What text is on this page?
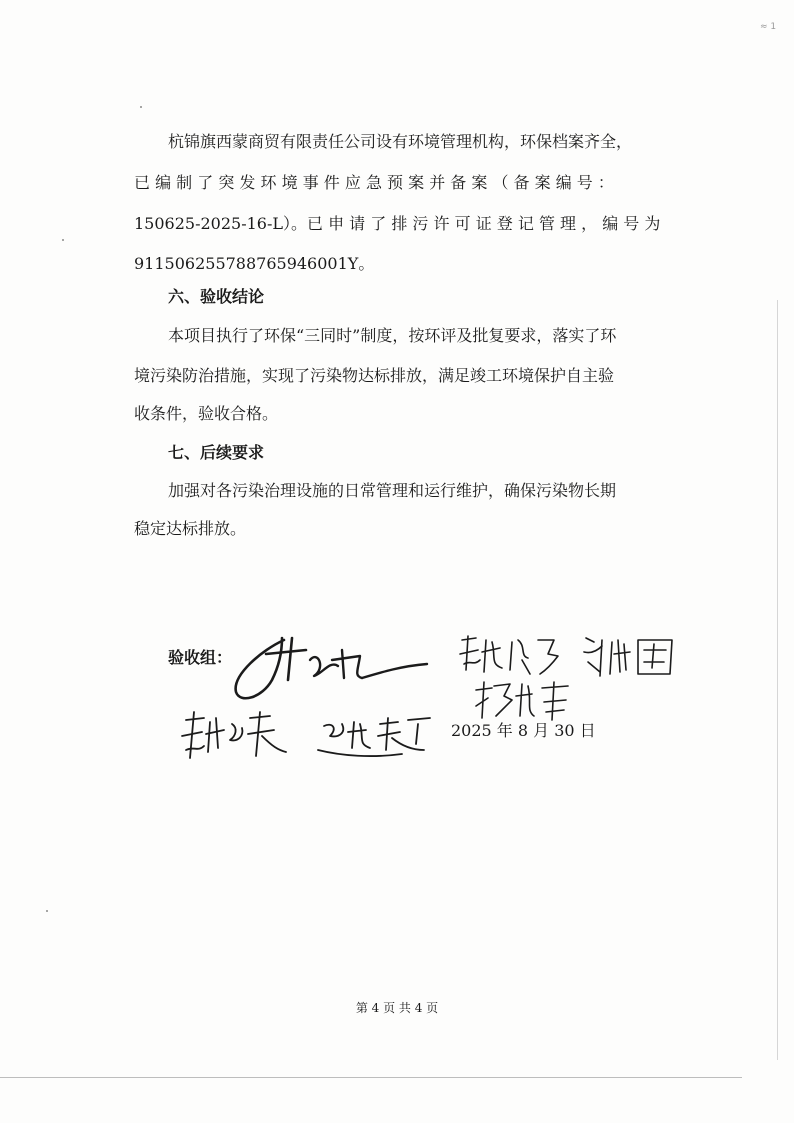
≈ 1
杭锦旗西蒙商贸有限责任公司设有环境管理机构，环保档案齐全，
已 编 制 了 突 发 环 境 事 件 应 急 预 案 并 备 案 （ 备 案 编 号 ：
150625-2025-16-L）。已 申 请 了 排 污 许 可 证 登 记 管 理 ， 编 号 为
91150625578876594600​1Y。
六、验收结论
本项目执行了环保“三同时”制度，按环评及批复要求，落实了环
境污染防治措施，实现了污染物达标排放，满足竣工环境保护自主验
收条件，验收合格。
七、后续要求
加强对各污染治理设施的日常管理和运行维护，确保污染物长期
稳定达标排放。
验收组：
2025 年 8 月 30 日
第 4 页 共 4 页
